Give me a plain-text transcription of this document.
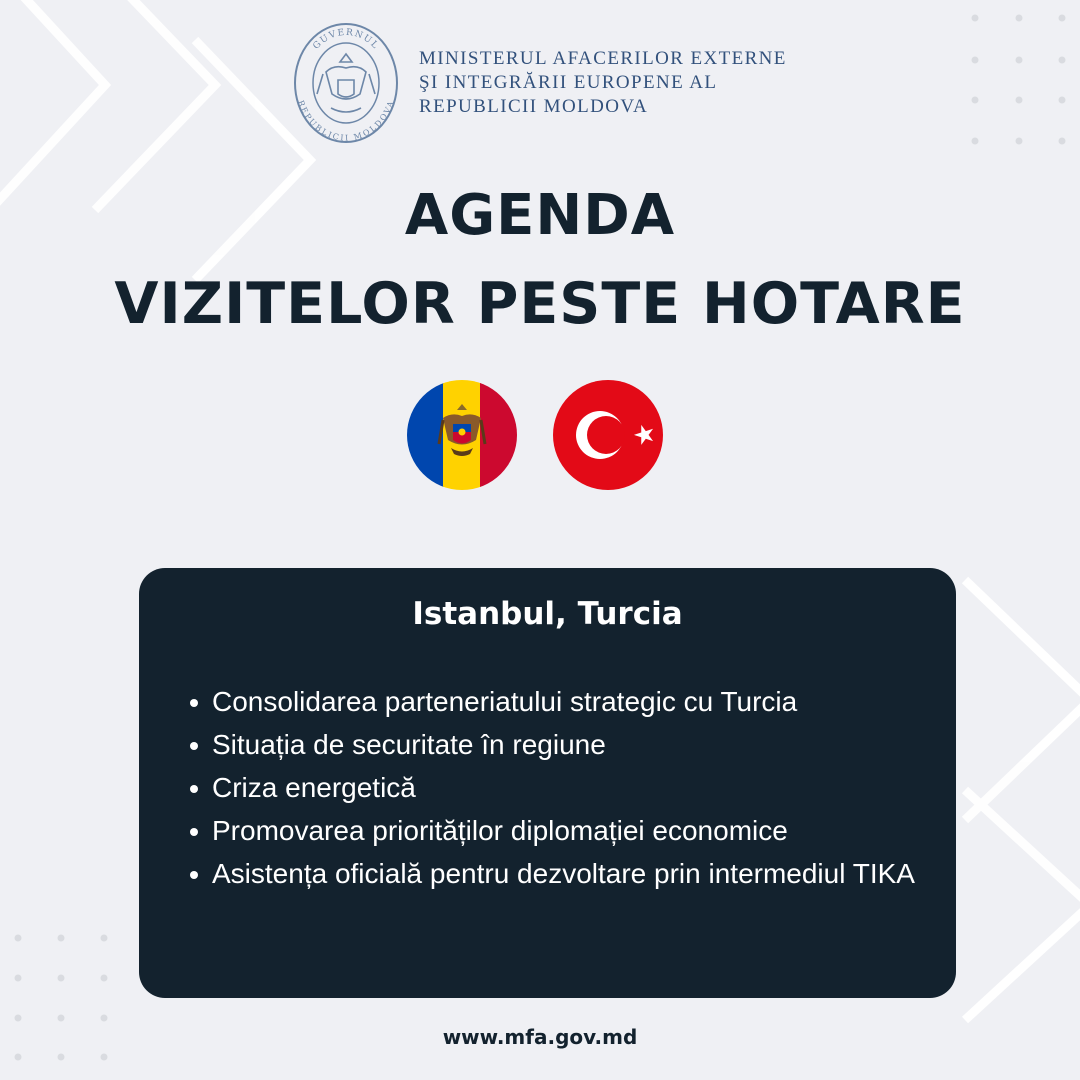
GUVERNUL
REPUBLICII MOLDOVA
MINISTERUL AFACERILOR EXTERNE
ŞI INTEGRĂRII EUROPENE AL
REPUBLICII MOLDOVA
AGENDA
VIZITELOR PESTE HOTARE
Istanbul, Turcia
Consolidarea parteneriatului strategic cu Turcia
Situația de securitate în regiune
Criza energetică
Promovarea priorităților diplomației economice
Asistența oficială pentru dezvoltare prin intermediul TIKA
www.mfa.gov.md
